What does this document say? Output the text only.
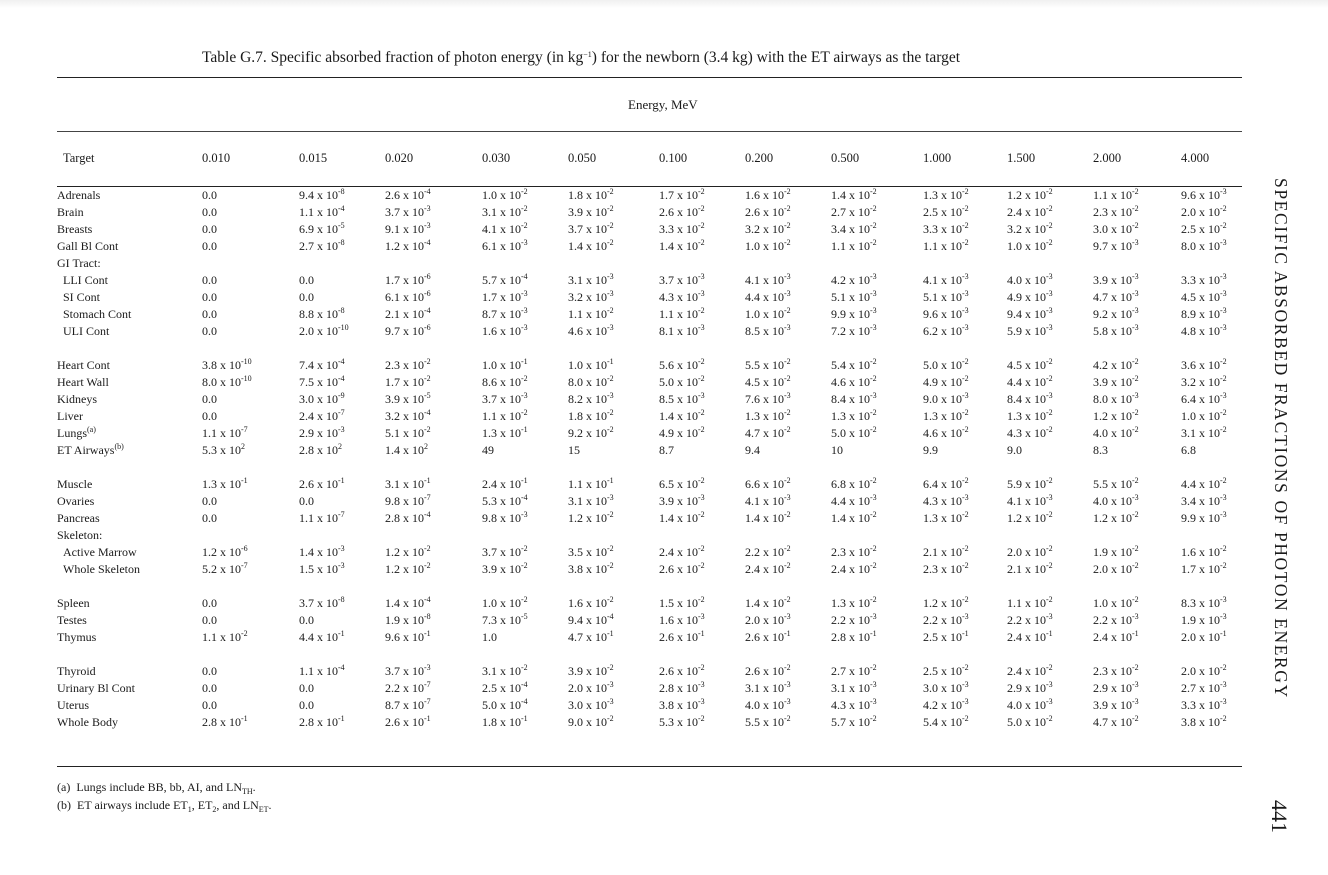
Table G.7. Specific absorbed fraction of photon energy (in $kg^{-1}$) for the newborn (3.4 kg) with the ET airways as the target
Energy, MeV
Target	0.010	0.015	0.020	0.030	0.050	0.100	0.200	0.500	1.000	1.500	2.000	4.000

Adrenals	0.0	9.4 x $10^{-8}$	2.6 x $10^{-4}$	1.0 x $10^{-2}$	1.8 x $10^{-2}$	1.7 x $10^{-2}$	1.6 x $10^{-2}$	1.4 x $10^{-2}$	1.3 x $10^{-2}$	1.2 x $10^{-2}$	1.1 x $10^{-2}$	9.6 x $10^{-3}$
Brain	0.0	1.1 x $10^{-4}$	3.7 x $10^{-3}$	3.1 x $10^{-2}$	3.9 x $10^{-2}$	2.6 x $10^{-2}$	2.6 x $10^{-2}$	2.7 x $10^{-2}$	2.5 x $10^{-2}$	2.4 x $10^{-2}$	2.3 x $10^{-2}$	2.0 x $10^{-2}$
Breasts	0.0	6.9 x $10^{-5}$	9.1 x $10^{-3}$	4.1 x $10^{-2}$	3.7 x $10^{-2}$	3.3 x $10^{-2}$	3.2 x $10^{-2}$	3.4 x $10^{-2}$	3.3 x $10^{-2}$	3.2 x $10^{-2}$	3.0 x $10^{-2}$	2.5 x $10^{-2}$
Gall Bl Cont	0.0	2.7 x $10^{-8}$	1.2 x $10^{-4}$	6.1 x $10^{-3}$	1.4 x $10^{-2}$	1.4 x $10^{-2}$	1.0 x $10^{-2}$	1.1 x $10^{-2}$	1.1 x $10^{-2}$	1.0 x $10^{-2}$	9.7 x $10^{-3}$	8.0 x $10^{-3}$
GI Tract:												
LLI Cont	0.0	0.0	1.7 x $10^{-6}$	5.7 x $10^{-4}$	3.1 x $10^{-3}$	3.7 x $10^{-3}$	4.1 x $10^{-3}$	4.2 x $10^{-3}$	4.1 x $10^{-3}$	4.0 x $10^{-3}$	3.9 x $10^{-3}$	3.3 x $10^{-3}$
SI Cont	0.0	0.0	6.1 x $10^{-6}$	1.7 x $10^{-3}$	3.2 x $10^{-3}$	4.3 x $10^{-3}$	4.4 x $10^{-3}$	5.1 x $10^{-3}$	5.1 x $10^{-3}$	4.9 x $10^{-3}$	4.7 x $10^{-3}$	4.5 x $10^{-3}$
Stomach Cont	0.0	8.8 x $10^{-8}$	2.1 x $10^{-4}$	8.7 x $10^{-3}$	1.1 x $10^{-2}$	1.1 x $10^{-2}$	1.0 x $10^{-2}$	9.9 x $10^{-3}$	9.6 x $10^{-3}$	9.4 x $10^{-3}$	9.2 x $10^{-3}$	8.9 x $10^{-3}$
ULI Cont	0.0	2.0 x $10^{-10}$	9.7 x $10^{-6}$	1.6 x $10^{-3}$	4.6 x $10^{-3}$	8.1 x $10^{-3}$	8.5 x $10^{-3}$	7.2 x $10^{-3}$	6.2 x $10^{-3}$	5.9 x $10^{-3}$	5.8 x $10^{-3}$	4.8 x $10^{-3}$

Heart Cont	3.8 x $10^{-10}$	7.4 x $10^{-4}$	2.3 x $10^{-2}$	1.0 x $10^{-1}$	1.0 x $10^{-1}$	5.6 x $10^{-2}$	5.5 x $10^{-2}$	5.4 x $10^{-2}$	5.0 x $10^{-2}$	4.5 x $10^{-2}$	4.2 x $10^{-2}$	3.6 x $10^{-2}$
Heart Wall	8.0 x $10^{-10}$	7.5 x $10^{-4}$	1.7 x $10^{-2}$	8.6 x $10^{-2}$	8.0 x $10^{-2}$	5.0 x $10^{-2}$	4.5 x $10^{-2}$	4.6 x $10^{-2}$	4.9 x $10^{-2}$	4.4 x $10^{-2}$	3.9 x $10^{-2}$	3.2 x $10^{-2}$
Kidneys	0.0	3.0 x $10^{-9}$	3.9 x $10^{-5}$	3.7 x $10^{-3}$	8.2 x $10^{-3}$	8.5 x $10^{-3}$	7.6 x $10^{-3}$	8.4 x $10^{-3}$	9.0 x $10^{-3}$	8.4 x $10^{-3}$	8.0 x $10^{-3}$	6.4 x $10^{-3}$
Liver	0.0	2.4 x $10^{-7}$	3.2 x $10^{-4}$	1.1 x $10^{-2}$	1.8 x $10^{-2}$	1.4 x $10^{-2}$	1.3 x $10^{-2}$	1.3 x $10^{-2}$	1.3 x $10^{-2}$	1.3 x $10^{-2}$	1.2 x $10^{-2}$	1.0 x $10^{-2}$
Lungs$^{(a)}$	1.1 x $10^{-7}$	2.9 x $10^{-3}$	5.1 x $10^{-2}$	1.3 x $10^{-1}$	9.2 x $10^{-2}$	4.9 x $10^{-2}$	4.7 x $10^{-2}$	5.0 x $10^{-2}$	4.6 x $10^{-2}$	4.3 x $10^{-2}$	4.0 x $10^{-2}$	3.1 x $10^{-2}$
ET Airways$^{(b)}$	5.3 x $10^2$	2.8 x $10^2$	1.4 x $10^2$	49	15	8.7	9.4	10	9.9	9.0	8.3	6.8

Muscle	1.3 x $10^{-1}$	2.6 x $10^{-1}$	3.1 x $10^{-1}$	2.4 x $10^{-1}$	1.1 x $10^{-1}$	6.5 x $10^{-2}$	6.6 x $10^{-2}$	6.8 x $10^{-2}$	6.4 x $10^{-2}$	5.9 x $10^{-2}$	5.5 x $10^{-2}$	4.4 x $10^{-2}$
Ovaries	0.0	0.0	9.8 x $10^{-7}$	5.3 x $10^{-4}$	3.1 x $10^{-3}$	3.9 x $10^{-3}$	4.1 x $10^{-3}$	4.4 x $10^{-3}$	4.3 x $10^{-3}$	4.1 x $10^{-3}$	4.0 x $10^{-3}$	3.4 x $10^{-3}$
Pancreas	0.0	1.1 x $10^{-7}$	2.8 x $10^{-4}$	9.8 x $10^{-3}$	1.2 x $10^{-2}$	1.4 x $10^{-2}$	1.4 x $10^{-2}$	1.4 x $10^{-2}$	1.3 x $10^{-2}$	1.2 x $10^{-2}$	1.2 x $10^{-2}$	9.9 x $10^{-3}$
Skeleton:												
Active Marrow	1.2 x $10^{-6}$	1.4 x $10^{-3}$	1.2 x $10^{-2}$	3.7 x $10^{-2}$	3.5 x $10^{-2}$	2.4 x $10^{-2}$	2.2 x $10^{-2}$	2.3 x $10^{-2}$	2.1 x $10^{-2}$	2.0 x $10^{-2}$	1.9 x $10^{-2}$	1.6 x $10^{-2}$
Whole Skeleton	5.2 x $10^{-7}$	1.5 x $10^{-3}$	1.2 x $10^{-2}$	3.9 x $10^{-2}$	3.8 x $10^{-2}$	2.6 x $10^{-2}$	2.4 x $10^{-2}$	2.4 x $10^{-2}$	2.3 x $10^{-2}$	2.1 x $10^{-2}$	2.0 x $10^{-2}$	1.7 x $10^{-2}$

Spleen	0.0	3.7 x $10^{-8}$	1.4 x $10^{-4}$	1.0 x $10^{-2}$	1.6 x $10^{-2}$	1.5 x $10^{-2}$	1.4 x $10^{-2}$	1.3 x $10^{-2}$	1.2 x $10^{-2}$	1.1 x $10^{-2}$	1.0 x $10^{-2}$	8.3 x $10^{-3}$
Testes	0.0	0.0	1.9 x $10^{-8}$	7.3 x $10^{-5}$	9.4 x $10^{-4}$	1.6 x $10^{-3}$	2.0 x $10^{-3}$	2.2 x $10^{-3}$	2.2 x $10^{-3}$	2.2 x $10^{-3}$	2.2 x $10^{-3}$	1.9 x $10^{-3}$
Thymus	1.1 x $10^{-2}$	4.4 x $10^{-1}$	9.6 x $10^{-1}$	1.0	4.7 x $10^{-1}$	2.6 x $10^{-1}$	2.6 x $10^{-1}$	2.8 x $10^{-1}$	2.5 x $10^{-1}$	2.4 x $10^{-1}$	2.4 x $10^{-1}$	2.0 x $10^{-1}$

Thyroid	0.0	1.1 x $10^{-4}$	3.7 x $10^{-3}$	3.1 x $10^{-2}$	3.9 x $10^{-2}$	2.6 x $10^{-2}$	2.6 x $10^{-2}$	2.7 x $10^{-2}$	2.5 x $10^{-2}$	2.4 x $10^{-2}$	2.3 x $10^{-2}$	2.0 x $10^{-2}$
Urinary Bl Cont	0.0	0.0	2.2 x $10^{-7}$	2.5 x $10^{-4}$	2.0 x $10^{-3}$	2.8 x $10^{-3}$	3.1 x $10^{-3}$	3.1 x $10^{-3}$	3.0 x $10^{-3}$	2.9 x $10^{-3}$	2.9 x $10^{-3}$	2.7 x $10^{-3}$
Uterus	0.0	0.0	8.7 x $10^{-7}$	5.0 x $10^{-4}$	3.0 x $10^{-3}$	3.8 x $10^{-3}$	4.0 x $10^{-3}$	4.3 x $10^{-3}$	4.2 x $10^{-3}$	4.0 x $10^{-3}$	3.9 x $10^{-3}$	3.3 x $10^{-3}$
Whole Body	2.8 x $10^{-1}$	2.8 x $10^{-1}$	2.6 x $10^{-1}$	1.8 x $10^{-1}$	9.0 x $10^{-2}$	5.3 x $10^{-2}$	5.5 x $10^{-2}$	5.7 x $10^{-2}$	5.4 x $10^{-2}$	5.0 x $10^{-2}$	4.7 x $10^{-2}$	3.8 x $10^{-2}$
(a) Lungs include BB, bb, AI, and $LN_{TH}$.
(b) ET airways include $ET_1$, $ET_2$, and $LN_{ET}$.
SPECIFIC ABSORBED FRACTIONS OF PHOTON ENERGY
441
